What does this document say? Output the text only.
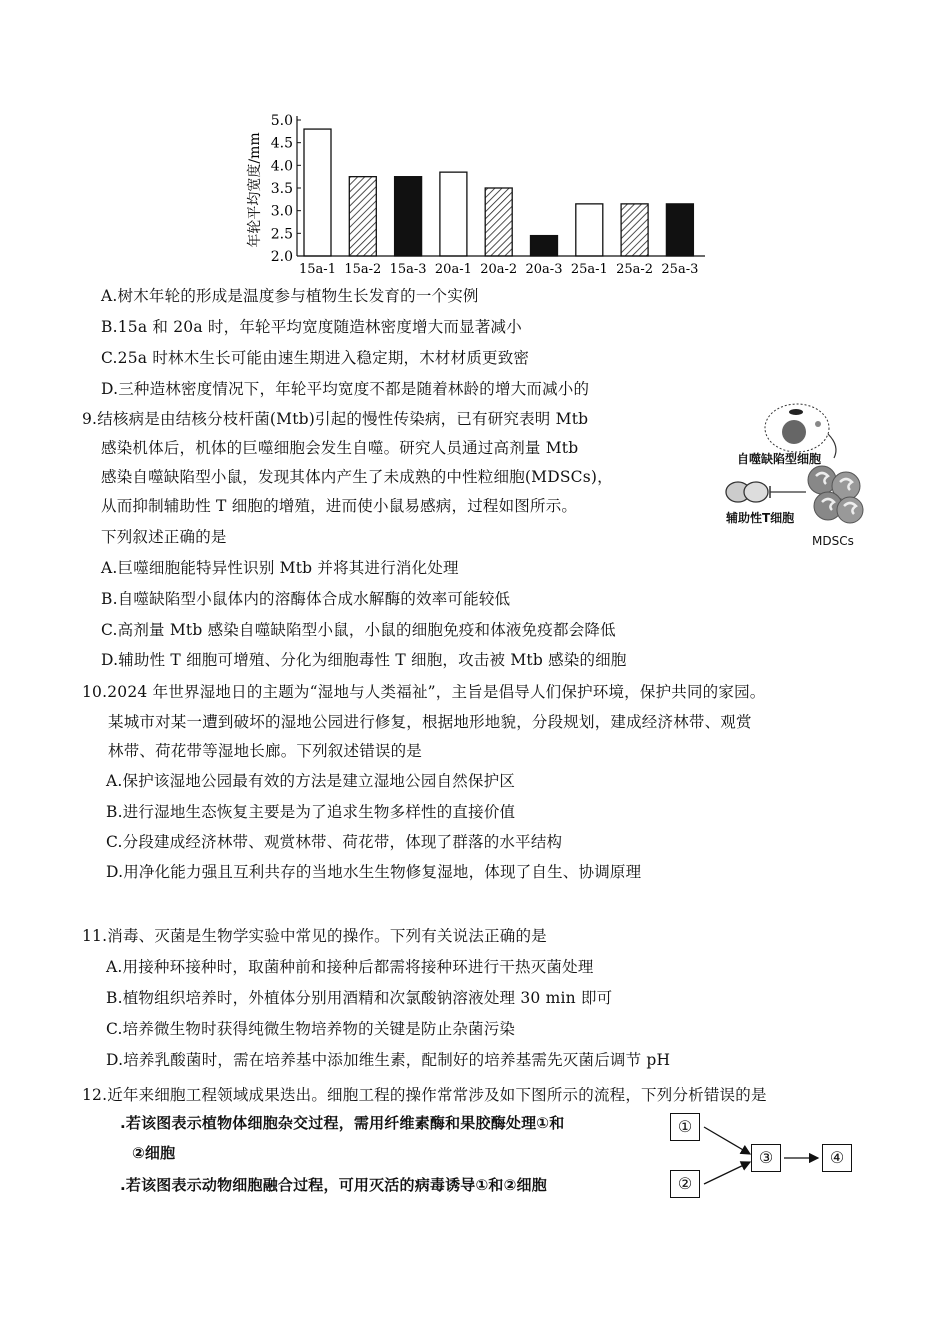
年轮平均宽度/mm
2.0
2.5
3.0
3.5
4.0
4.5
5.0
15a-1 15a-2 15a-3 20a-1 20a-2 20a-3 25a-1 25a-2 25a-3
A.树木年轮的形成是温度参与植物生长发育的一个实例
B.15a 和 20a 时，年轮平均宽度随造林密度增大而显著减小
C.25a 时林木生长可能由速生期进入稳定期，木材材质更致密
D.三种造林密度情况下，年轮平均宽度不都是随着林龄的增大而减小的
9.结核病是由结核分枝杆菌(Mtb)引起的慢性传染病，已有研究表明 Mtb
感染机体后，机体的巨噬细胞会发生自噬。研究人员通过高剂量 Mtb
感染自噬缺陷型小鼠，发现其体内产生了未成熟的中性粒细胞(MDSCs)，
从而抑制辅助性 T 细胞的增殖，进而使小鼠易感病，过程如图所示。
下列叙述正确的是
A.巨噬细胞能特异性识别 Mtb 并将其进行消化处理
B.自噬缺陷型小鼠体内的溶酶体合成水解酶的效率可能较低
C.高剂量 Mtb 感染自噬缺陷型小鼠，小鼠的细胞免疫和体液免疫都会降低
D.辅助性 T 细胞可增殖、分化为细胞毒性 T 细胞，攻击被 Mtb 感染的细胞
自噬缺陷型细胞
辅助性T细胞
MDSCs
10.2024 年世界湿地日的主题为“湿地与人类福祉”，主旨是倡导人们保护环境，保护共同的家园。
某城市对某一遭到破坏的湿地公园进行修复，根据地形地貌，分段规划，建成经济林带、观赏
林带、荷花带等湿地长廊。下列叙述错误的是
A.保护该湿地公园最有效的方法是建立湿地公园自然保护区
B.进行湿地生态恢复主要是为了追求生物多样性的直接价值
C.分段建成经济林带、观赏林带、荷花带，体现了群落的水平结构
D.用净化能力强且互利共存的当地水生生物修复湿地，体现了自生、协调原理
11.消毒、灭菌是生物学实验中常见的操作。下列有关说法正确的是
A.用接种环接种时，取菌种前和接种后都需将接种环进行干热灭菌处理
B.植物组织培养时，外植体分别用酒精和次氯酸钠溶液处理 30 min 即可
C.培养微生物时获得纯微生物培养物的关键是防止杂菌污染
D.培养乳酸菌时，需在培养基中添加维生素，配制好的培养基需先灭菌后调节 pH
12.近年来细胞工程领域成果迭出。细胞工程的操作常常涉及如下图所示的流程，下列分析错误的是
.若该图表示植物体细胞杂交过程，需用纤维素酶和果胶酶处理①和
②细胞
.若该图表示动物细胞融合过程，可用灭活的病毒诱导①和②细胞
①
②
③	④
